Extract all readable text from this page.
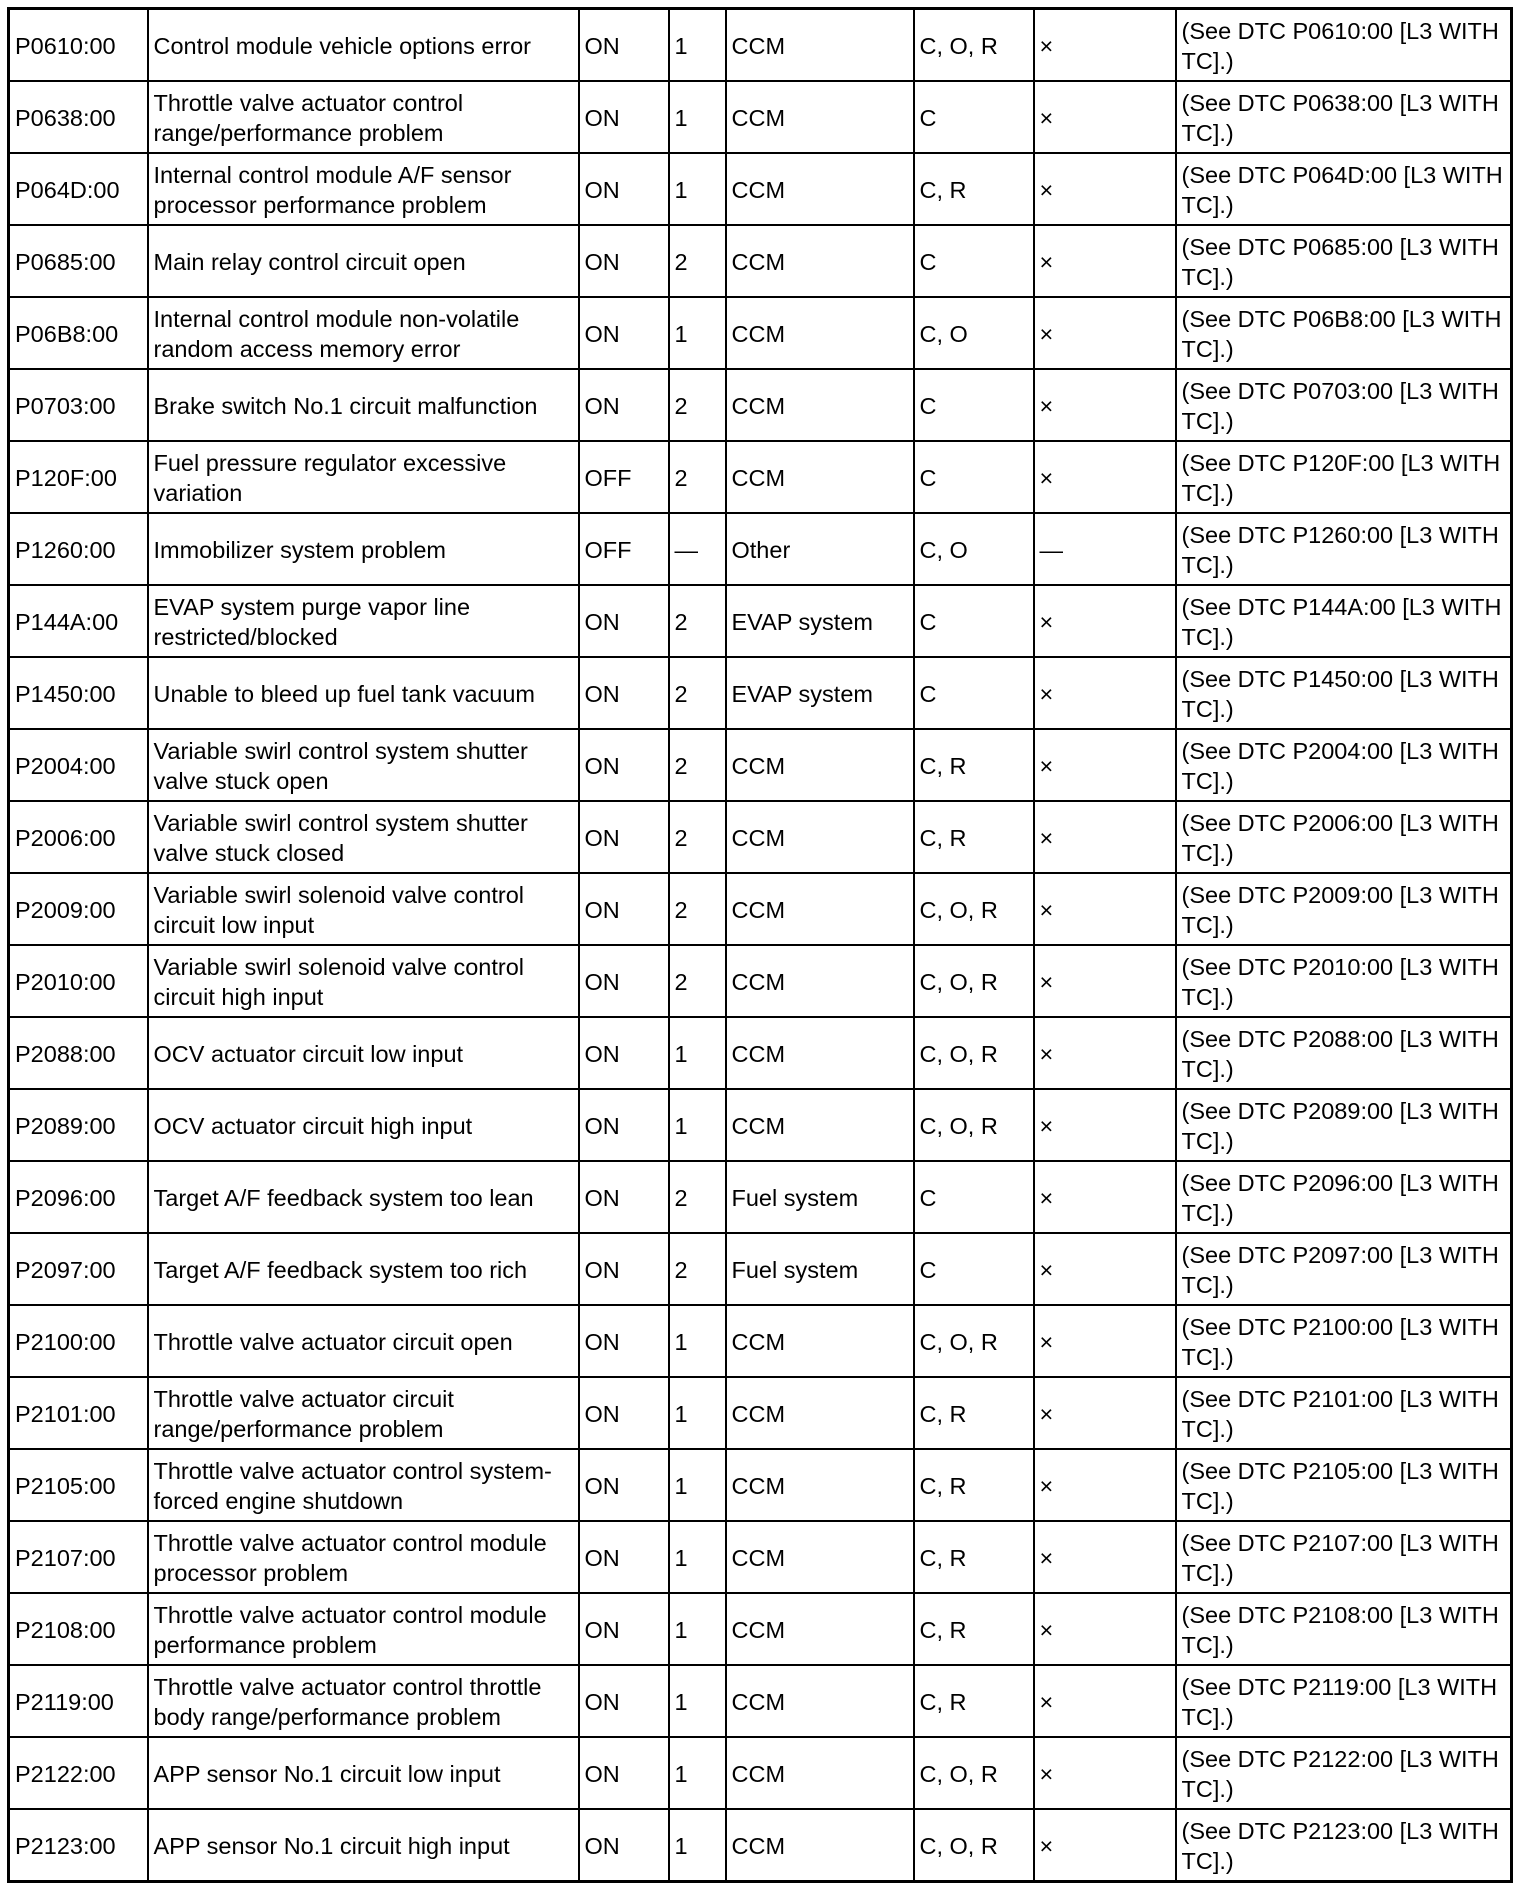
P0610:00	Control module vehicle options error	ON	1	CCM	C, O, R	×	(See DTC P0610:00 [L3 WITH TC].)
P0638:00	Throttle valve actuator control range/performance problem	ON	1	CCM	C	×	(See DTC P0638:00 [L3 WITH TC].)
P064D:00	Internal control module A/F sensor processor performance problem	ON	1	CCM	C, R	×	(See DTC P064D:00 [L3 WITH TC].)
P0685:00	Main relay control circuit open	ON	2	CCM	C	×	(See DTC P0685:00 [L3 WITH TC].)
P06B8:00	Internal control module non-volatile random access memory error	ON	1	CCM	C, O	×	(See DTC P06B8:00 [L3 WITH TC].)
P0703:00	Brake switch No.1 circuit malfunction	ON	2	CCM	C	×	(See DTC P0703:00 [L3 WITH TC].)
P120F:00	Fuel pressure regulator excessive variation	OFF	2	CCM	C	×	(See DTC P120F:00 [L3 WITH TC].)
P1260:00	Immobilizer system problem	OFF	—	Other	C, O	—	(See DTC P1260:00 [L3 WITH TC].)
P144A:00	EVAP system purge vapor line restricted/blocked	ON	2	EVAP system	C	×	(See DTC P144A:00 [L3 WITH TC].)
P1450:00	Unable to bleed up fuel tank vacuum	ON	2	EVAP system	C	×	(See DTC P1450:00 [L3 WITH TC].)
P2004:00	Variable swirl control system shutter valve stuck open	ON	2	CCM	C, R	×	(See DTC P2004:00 [L3 WITH TC].)
P2006:00	Variable swirl control system shutter valve stuck closed	ON	2	CCM	C, R	×	(See DTC P2006:00 [L3 WITH TC].)
P2009:00	Variable swirl solenoid valve control circuit low input	ON	2	CCM	C, O, R	×	(See DTC P2009:00 [L3 WITH TC].)
P2010:00	Variable swirl solenoid valve control circuit high input	ON	2	CCM	C, O, R	×	(See DTC P2010:00 [L3 WITH TC].)
P2088:00	OCV actuator circuit low input	ON	1	CCM	C, O, R	×	(See DTC P2088:00 [L3 WITH TC].)
P2089:00	OCV actuator circuit high input	ON	1	CCM	C, O, R	×	(See DTC P2089:00 [L3 WITH TC].)
P2096:00	Target A/F feedback system too lean	ON	2	Fuel system	C	×	(See DTC P2096:00 [L3 WITH TC].)
P2097:00	Target A/F feedback system too rich	ON	2	Fuel system	C	×	(See DTC P2097:00 [L3 WITH TC].)
P2100:00	Throttle valve actuator circuit open	ON	1	CCM	C, O, R	×	(See DTC P2100:00 [L3 WITH TC].)
P2101:00	Throttle valve actuator circuit range/performance problem	ON	1	CCM	C, R	×	(See DTC P2101:00 [L3 WITH TC].)
P2105:00	Throttle valve actuator control system-forced engine shutdown	ON	1	CCM	C, R	×	(See DTC P2105:00 [L3 WITH TC].)
P2107:00	Throttle valve actuator control module processor problem	ON	1	CCM	C, R	×	(See DTC P2107:00 [L3 WITH TC].)
P2108:00	Throttle valve actuator control module performance problem	ON	1	CCM	C, R	×	(See DTC P2108:00 [L3 WITH TC].)
P2119:00	Throttle valve actuator control throttle body range/performance problem	ON	1	CCM	C, R	×	(See DTC P2119:00 [L3 WITH TC].)
P2122:00	APP sensor No.1 circuit low input	ON	1	CCM	C, O, R	×	(See DTC P2122:00 [L3 WITH TC].)
P2123:00	APP sensor No.1 circuit high input	ON	1	CCM	C, O, R	×	(See DTC P2123:00 [L3 WITH TC].)
